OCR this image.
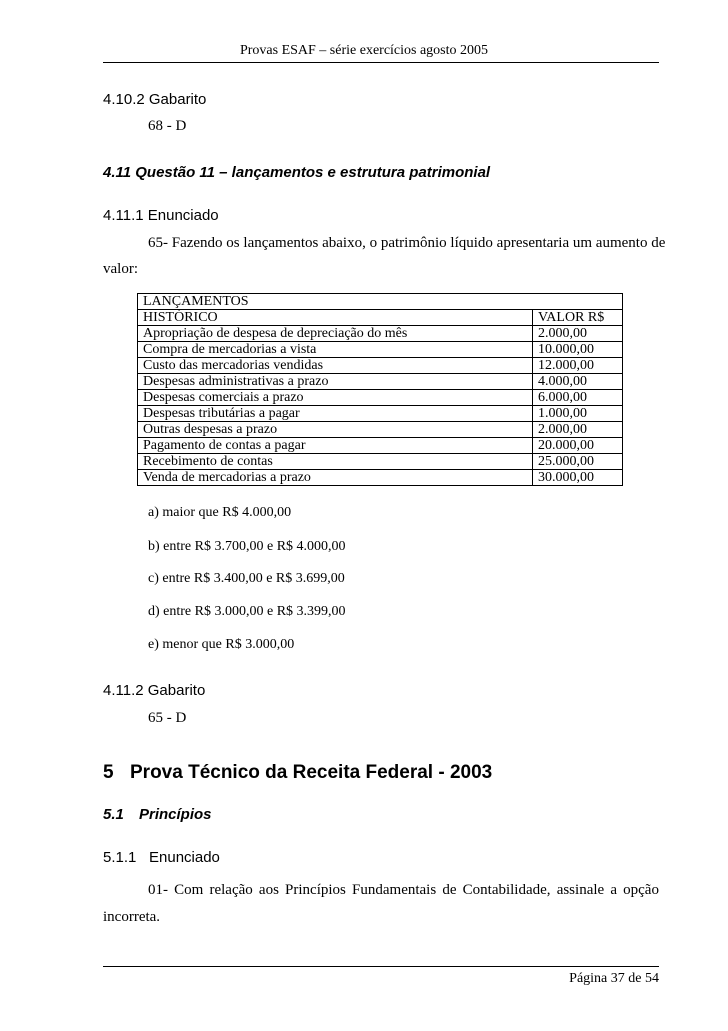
Provas ESAF – série exercícios agosto 2005
4.10.2 Gabarito
68 - D
4.11 Questão 11 – lançamentos e estrutura patrimonial
4.11.1 Enunciado
65- Fazendo os lançamentos abaixo, o patrimônio líquido apresentaria um aumento de
valor:
LANÇAMENTOS	
HISTÓRICO	VALOR R$
Apropriação de despesa de depreciação do mês	2.000,00
Compra de mercadorias a vista	10.000,00
Custo das mercadorias vendidas	12.000,00
Despesas administrativas a prazo	4.000,00
Despesas comerciais a prazo	6.000,00
Despesas tributárias a pagar	1.000,00
Outras despesas a prazo	2.000,00
Pagamento de contas a pagar	20.000,00
Recebimento de contas	25.000,00
Venda de mercadorias a prazo	30.000,00
a) maior que R$ 4.000,00
b) entre R$ 3.700,00 e R$ 4.000,00
c) entre R$ 3.400,00 e R$ 3.699,00
d) entre R$ 3.000,00 e R$ 3.399,00
e) menor que R$ 3.000,00
4.11.2 Gabarito
65 - D
5 Prova Técnico da Receita Federal - 2003
5.1 Princípios
5.1.1 Enunciado
01- Com relação aos Princípios Fundamentais de Contabilidade, assinale a opção
incorreta.
Página 37 de 54
